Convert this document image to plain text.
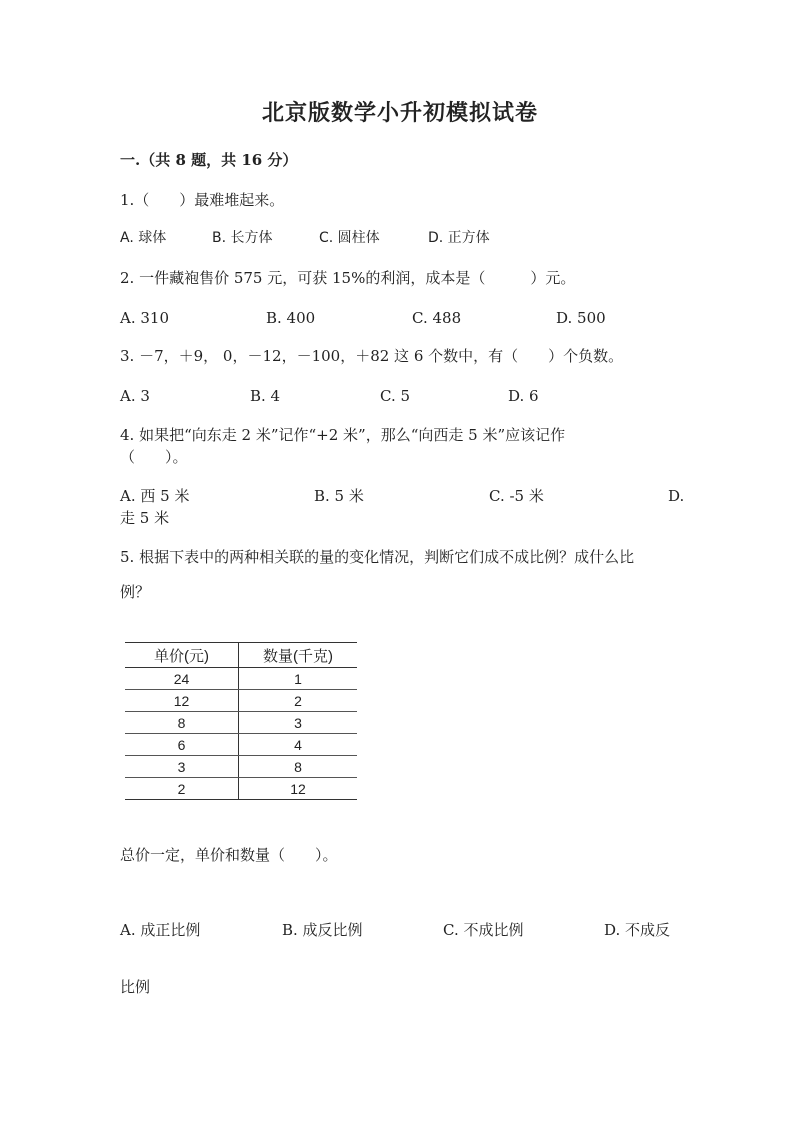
北京版数学小升初模拟试卷
一.（共 8 题，共 16 分）
1.（　　）最难堆起来。
A. 球体	B. 长方体	C. 圆柱体	D. 正方体
2. 一件藏袍售价 575 元，可获 15%的利润，成本是（　　　）元。
A. 310	B. 400	C. 488	D. 500
3. －7，＋9， 0，－12，－100，＋82 这 6 个数中，有（　　）个负数。
A. 3	B. 4	C. 5	D. 6
4. 如果把“向东走 2 米”记作“+2 米”，那么“向西走 5 米”应该记作
（　　）。
A. 西 5 米	B. 5 米	C. -5 米	D.
走 5 米
5. 根据下表中的两种相关联的量的变化情况，判断它们成不成比例？成什么比
例？
单价(元)	数量(千克)
24	1
12	2
8	3
6	4
3	8
2	12
总价一定，单价和数量（　　）。
A. 成正比例	B. 成反比例	C. 不成比例	D. 不成反
比例
